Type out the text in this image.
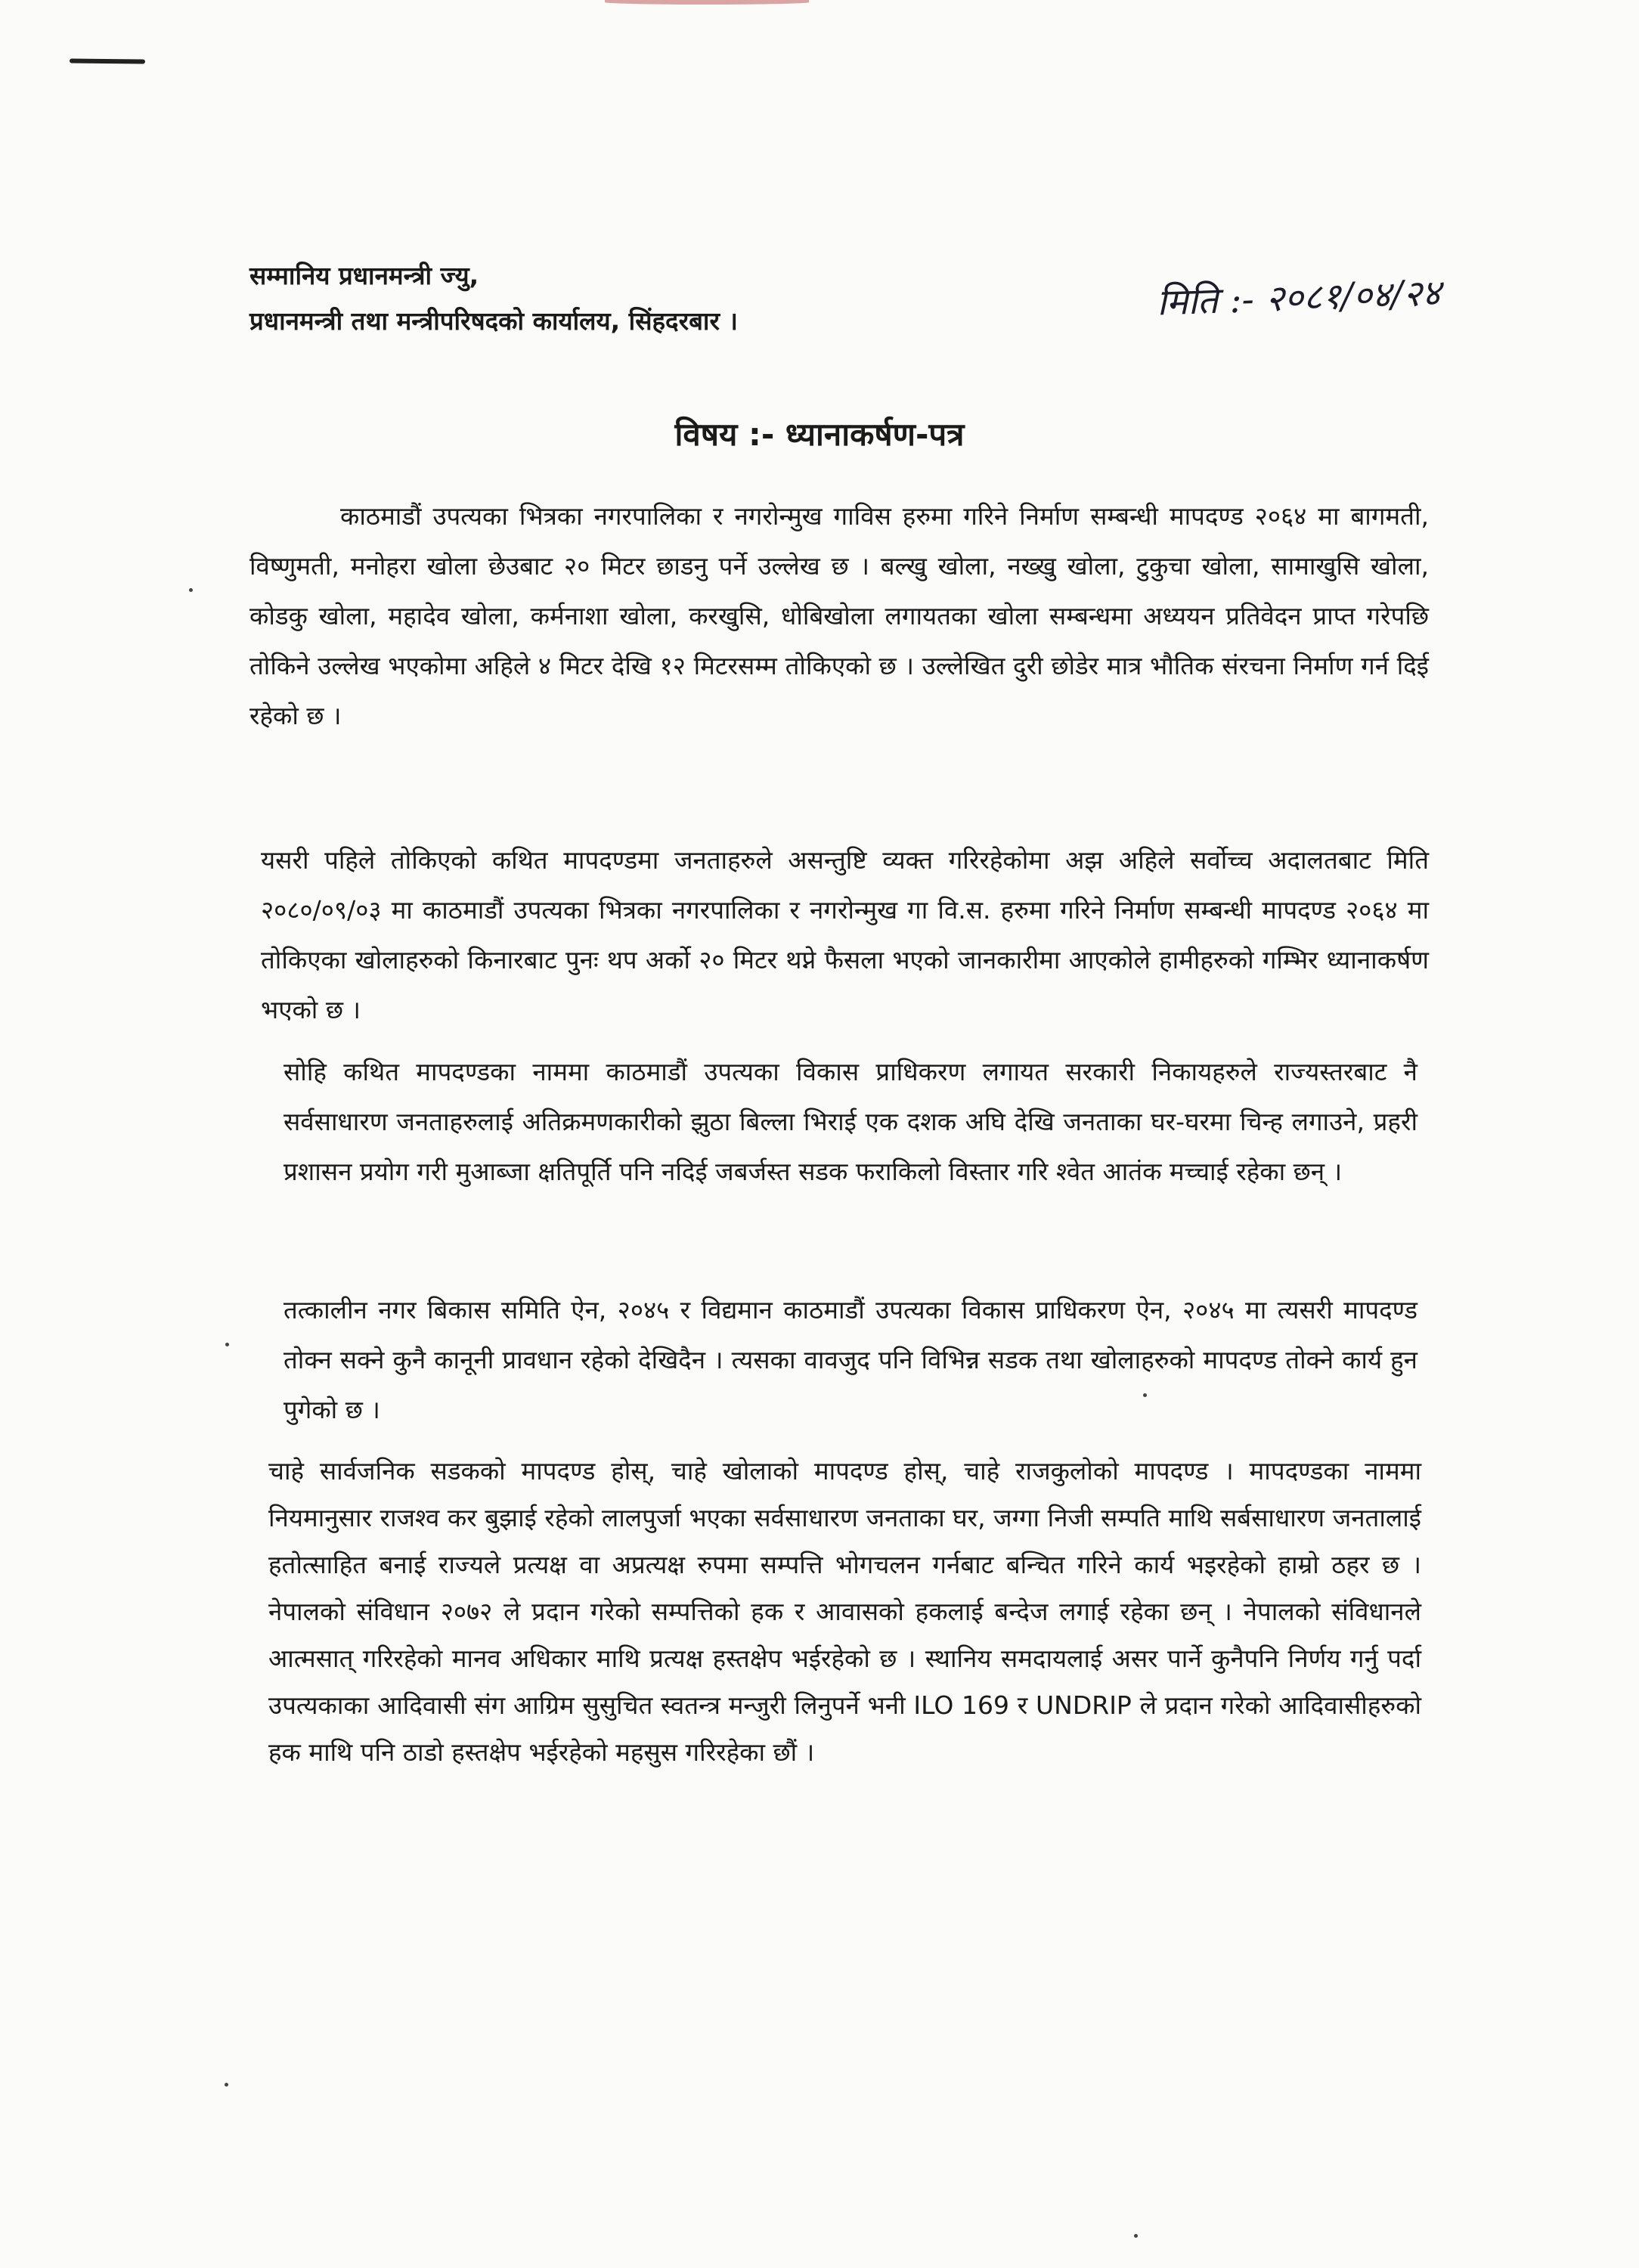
सम्मानिय प्रधानमन्त्री ज्यु,
प्रधानमन्त्री तथा मन्त्रीपरिषदको कार्यालय, सिंहदरबार ।	मिति :- २०८१/०४/२४
विषय :- ध्यानाकर्षण-पत्र
काठमाडौं उपत्यका भित्रका नगरपालिका र नगरोन्मुख गाविस हरुमा गरिने निर्माण सम्बन्धी मापदण्ड २०६४ मा बागमती, विष्णुमती, मनोहरा खोला छेउबाट २० मिटर छाडनु पर्ने उल्लेख छ । बल्खु खोला, नख्खु खोला, टुकुचा खोला, सामाखुसि खोला, कोडकु खोला, महादेव खोला, कर्मनाशा खोला, करखुसि, धोबिखोला लगायतका खोला सम्बन्धमा अध्ययन प्रतिवेदन प्राप्त गरेपछि तोकिने उल्लेख भएकोमा अहिले ४ मिटर देखि १२ मिटरसम्म तोकिएको छ । उल्लेखित दुरी छोडेर मात्र भौतिक संरचना निर्माण गर्न दिई रहेको छ ।
यसरी पहिले तोकिएको कथित मापदण्डमा जनताहरुले असन्तुष्टि व्यक्त गरिरहेकोमा अझ अहिले सर्वोच्च अदालतबाट मिति २०८०/०९/०३ मा काठमाडौं उपत्यका भित्रका नगरपालिका र नगरोन्मुख गा वि.स. हरुमा गरिने निर्माण सम्बन्धी मापदण्ड २०६४ मा तोकिएका खोलाहरुको किनारबाट पुनः थप अर्को २० मिटर थप्ने फैसला भएको जानकारीमा आएकोले हामीहरुको गम्भिर ध्यानाकर्षण भएको छ ।
सोहि कथित मापदण्डका नाममा काठमाडौं उपत्यका विकास प्राधिकरण लगायत सरकारी निकायहरुले राज्यस्तरबाट नै सर्वसाधारण जनताहरुलाई अतिक्रमणकारीको झुठा बिल्ला भिराई एक दशक अघि देखि जनताका घर-घरमा चिन्ह लगाउने, प्रहरी प्रशासन प्रयोग गरी मुआब्जा क्षतिपूर्ति पनि नदिई जबर्जस्त सडक फराकिलो विस्तार गरि श्वेत आतंक मच्चाई रहेका छन् ।
तत्कालीन नगर बिकास समिति ऐन, २०४५ र विद्यमान काठमाडौं उपत्यका विकास प्राधिकरण ऐन, २०४५ मा त्यसरी मापदण्ड तोक्न सक्ने कुनै कानूनी प्रावधान रहेको देखिदैन । त्यसका वावजुद पनि विभिन्न सडक तथा खोलाहरुको मापदण्ड तोक्ने कार्य हुन पुगेको छ ।
चाहे सार्वजनिक सडकको मापदण्ड होस्, चाहे खोलाको मापदण्ड होस्, चाहे राजकुलोको मापदण्ड । मापदण्डका नाममा नियमानुसार राजश्व कर बुझाई रहेको लालपुर्जा भएका सर्वसाधारण जनताका घर, जग्गा निजी सम्पति माथि सर्बसाधारण जनतालाई हतोत्साहित बनाई राज्यले प्रत्यक्ष वा अप्रत्यक्ष रुपमा सम्पत्ति भोगचलन गर्नबाट बन्चित गरिने कार्य भइरहेको हाम्रो ठहर छ । नेपालको संविधान २०७२ ले प्रदान गरेको सम्पत्तिको हक र आवासको हकलाई बन्देज लगाई रहेका छन् । नेपालको संविधानले आत्मसात् गरिरहेको मानव अधिकार माथि प्रत्यक्ष हस्तक्षेप भईरहेको छ । स्थानिय समदायलाई असर पार्ने कुनैपनि निर्णय गर्नु पर्दा उपत्यकाका आदिवासी संग आग्रिम सुसुचित स्वतन्त्र मन्जुरी लिनुपर्ने भनी ILO 169 र UNDRIP ले प्रदान गरेको आदिवासीहरुको हक माथि पनि ठाडो हस्तक्षेप भईरहेको महसुस गरिरहेका छौं ।
